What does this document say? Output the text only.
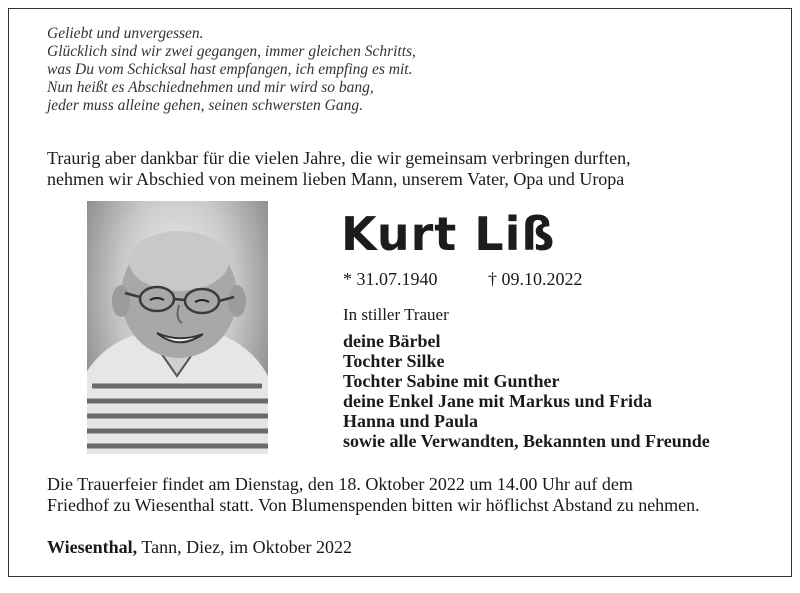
Geliebt und unvergessen.
Glücklich sind wir zwei gegangen, immer gleichen Schritts,
was Du vom Schicksal hast empfangen, ich empfing es mit.
Nun heißt es Abschiednehmen und mir wird so bang,
jeder muss alleine gehen, seinen schwersten Gang.
Traurig aber dankbar für die vielen Jahre, die wir gemeinsam verbringen durften,
nehmen wir Abschied von meinem lieben Mann, unserem Vater, Opa und Uropa
Kurt Liß
* 31.07.1940	† 09.10.2022
In stiller Trauer
deine Bärbel
Tochter Silke
Tochter Sabine mit Gunther
deine Enkel Jane mit Markus und Frida
Hanna und Paula
sowie alle Verwandten, Bekannten und Freunde
Die Trauerfeier findet am Dienstag, den 18. Oktober 2022 um 14.00 Uhr auf dem
Friedhof zu Wiesenthal statt. Von Blumenspenden bitten wir höflichst Abstand zu nehmen.
Wiesenthal, Tann, Diez, im Oktober 2022
